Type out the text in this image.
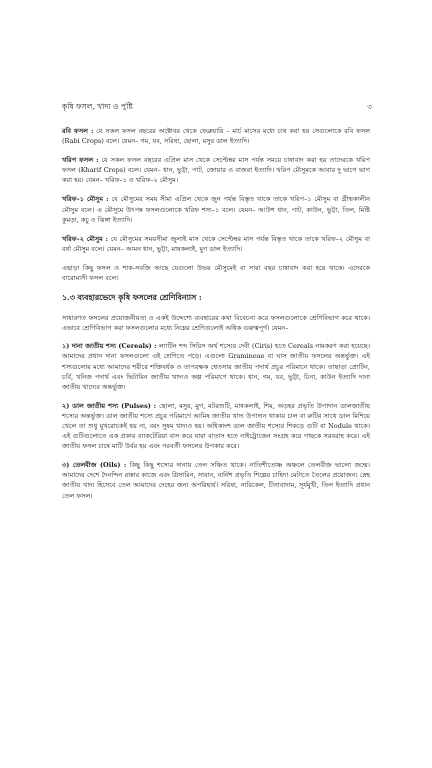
কৃষি ফসল, খাদ্য ও পুষ্টি	৩

রবি ফসল : যে সকল ফসল বছরের অক্টোবর থেকে ফেব্রুয়ারি – মার্চ মাসের মধ্যে চাষ করা হয় সেগুলোকে রবি ফসল (Rabi Crops) বলে। যেমন– গম, যব, সরিষা, ছোলা, মসুর ডাল ইত্যাদি।

খরিপ ফসল : যে সকল ফসল বছরের এপ্রিল মাস থেকে সেপ্টেম্বর মাস পর্যন্ত সময়ে চাষাবাদ করা হয় তাদেরকে খরিপ ফসল (Kharif Crops) বলে। যেমন– ধান, ভুট্টা, পাট, জোয়ার ও বাজরা ইত্যাদি। খরিপ মৌসুমকে আবার দু ভাগে ভাগ করা হয়। যেমন– খরিফ–১ ও খরিফ–২ মৌসুম।

খরিফ–১ মৌসুম : যে মৌসুমের সময় সীমা এপ্রিল থেকে জুন পর্যন্ত বিস্তৃত থাকে তাকে খরিপ–১ মৌসুম বা গ্রীষ্মকালীন মৌসুম বলে। এ মৌসুমে উৎপন্ন ফসলগুলোকে খরিফ শস্য–১ বলে। যেমন– আউশ ধান, পাট, কাউন, ভুট্টা, তিল, মিষ্টি কুমড়া, কচু ও ঝিঙ্গা ইত্যাদি।

খরিফ–২ মৌসুম : যে মৌসুমের সময়সীমা জুলাই মাস থেকে সেপ্টেম্বর মাস পর্যন্ত বিস্তৃত থাকে তাকে খরিফ–২ মৌসুম বা বর্ষা মৌসুম বলে। যেমন– আমন ধান, ভুট্টা, মাষকলাই, মুগ ডাল ইত্যাদি।

এছাড়া কিছু ফসল ও শাক-সবজি আছে যেগুলো উভয় মৌসুমেই বা সারা বছর চাষাবাদ করা হয়ে থাকে। এদেরকে বারোমাসী ফসল বলে।

১.৩ ব্যবহারভেদে কৃষি ফসলের শ্রেণিবিন্যাস :

সাধারণত ফসলের প্রয়োজনীয়তা ও একই উদ্দেশ্যে ব্যবহারের কথা বিবেচনা করে ফসলগুলোকে শ্রেণিবিভাগ করে থাকে। এভাবে শ্রেণিবিভাগ করা ফসলগুলোর মধ্যে নিম্নের শ্রেণিগুলোই অধিক গুরুত্বপূর্ণ। যেমন–

১) দানা জাতীয় শস্য (Cereals) : ল্যাটিন শব্দ সিরিস অর্থ শস্যের দেবী (Ciris) হতে Cereals নামকরণ করা হয়েছে। আমাদের প্রধান দানা ফসলগুলো এই শ্রেণিতে পড়ে। এগুলো Gramineae বা ঘাস জাতীয় ফসলের অন্তর্ভুক্ত। এই শস্যগুলোর মধ্যে আমাদের শরীরে শক্তিবর্ধক ও তাপরক্ষক শ্বেতসার জাতীয় পদার্থ প্রচুর পরিমানে থাকে। তাছাড়া প্রোটিন, চর্বি, খনিজ পদার্থ এবং ভিটামিন জাতীয় খাদ্যও অল্প পরিমাণে থাকে। ধান, গম, যব, ভুট্টা, চিনা, কাউন ইত্যাদি দানা জাতীয় খাদ্যের অন্তর্ভুক্ত।

২) ডাল জাতীয় শস্য (Pulses) : ছোলা, মসুর, মুগ, মটরশুটি, মাষকলাই, শিম, অড়হর প্রভৃতি উপাদান ডালজাতীয় শস্যের অন্তর্ভুক্ত। ডাল জাতীয় শস্যে প্রচুর পরিমাণে আমিষ জাতীয় খাদ্য উপাদান থাকায় চাল বা রুটির সাথে ডাল মিশিয়ে খেলে তা শুধু মুখরোচকই হয় না, বরং সুষম খাদ্যও হয়। অধিকাংশ ডাল জাতীয় শস্যের শিকড়ে গুটি বা Nodule থাকে। এই গুটিগুলোতে এক প্রকার ব্যাকটেরিয়া বাস করে যারা বাতাস হতে নাইট্রোজেন সংগ্রহ করে গাছকে সরবরাহ করে। এই জাতীয় ফসল চাষে মাটি উর্বর হয় এবং পরবর্তী ফসলের উপকার করে।

৩) তেলবীজ (Oils) : কিছু কিছু শস্যের দানায় তেল সঞ্চিত থাকে। নাতিশীতোষ্ণ অঞ্চলে তেলবীজ ভালো জন্মে। আমাদের দেশে দৈনন্দিন রান্নার কাজে এবং গ্লিসারিন, সাবান, বার্নিশ প্রভৃতি শিল্পের চাহিদা মেটাতে তৈলের প্রয়োজন। স্নেহ জাতীয় খাদ্য হিসেবে তেল আমাদের দেহের জন্য অপরিহার্য। সরিষা, নারিকেল, চীনাবাদাম, সূর্যমুখী, তিল ইত্যাদি প্রধান তেল ফসল।
